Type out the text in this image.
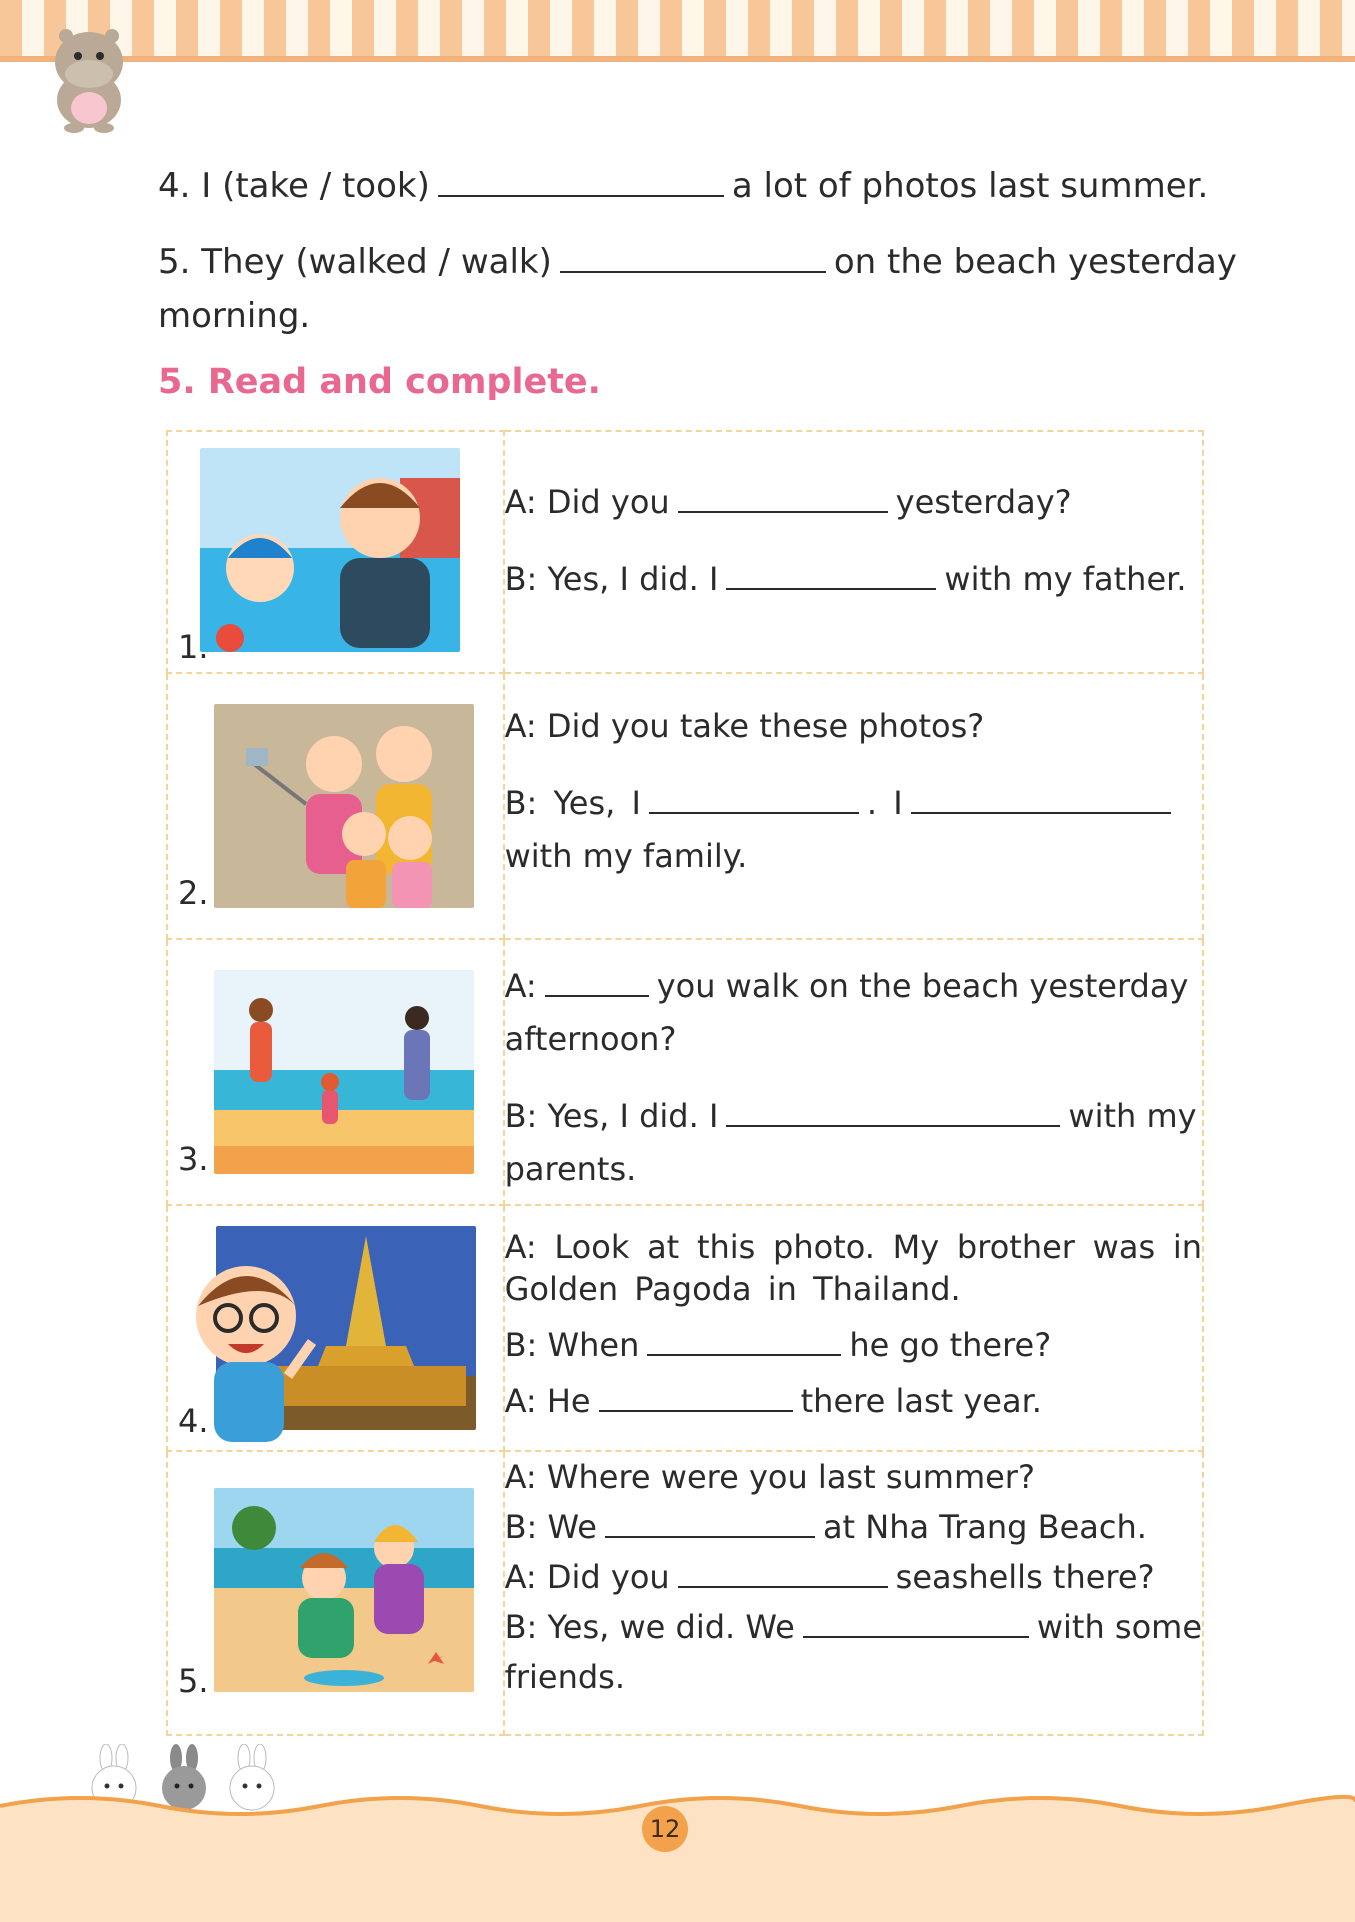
4. I (take / took)	a lot of photos last summer.
5. They (walked / walk)	on the beach yesterday
morning.
5. Read and complete.
1.	A: Did you yesterday?

B: Yes, I did. I with my father.

2.	A: Did you take these photos?

B: Yes, I . I

with my family.

3.	A: you walk on the beach yesterday

afternoon?

B: Yes, I did. I with my

parents.

4.	A: Look at this photo. My brother was in Golden Pagoda in Thailand.

B: When he go there?

A: He there last year.

5.	A: Where were you last summer?

B: We at Nha Trang Beach.

A: Did you seashells there?

B: Yes, we did. We with some

friends.

12
